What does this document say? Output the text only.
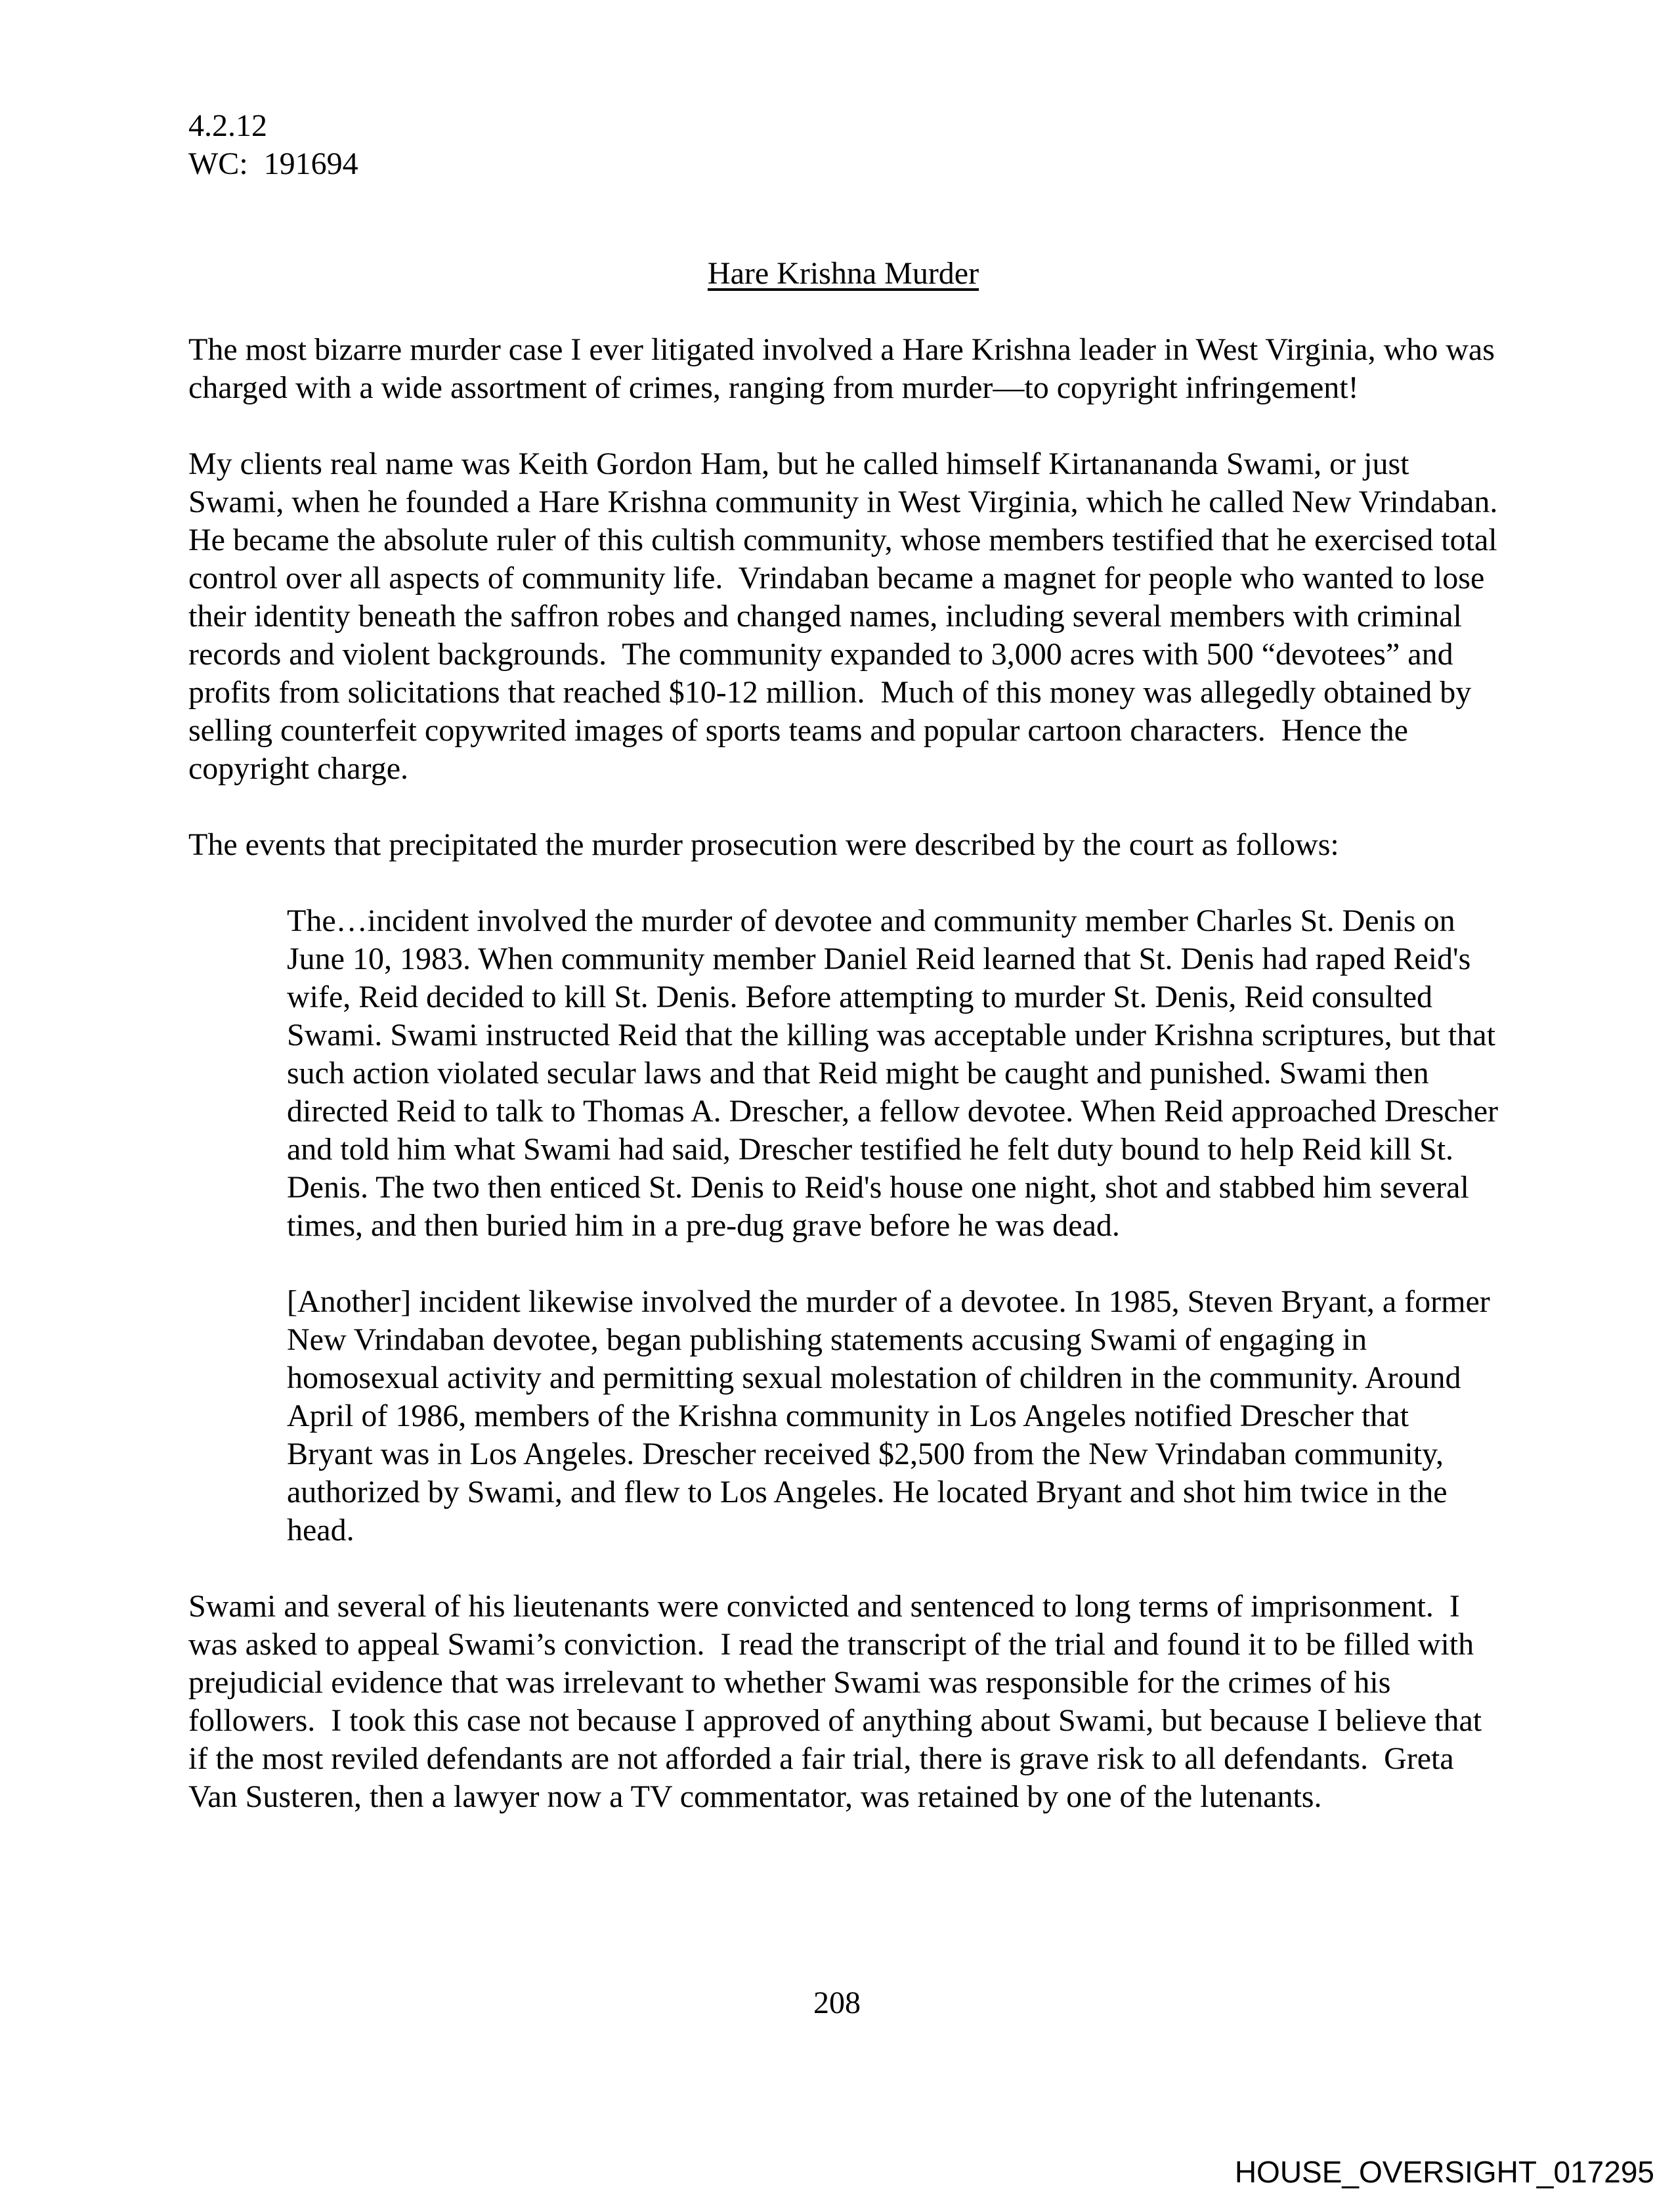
4.2.12
WC:  191694
Hare Krishna Murder

The most bizarre murder case I ever litigated involved a Hare Krishna leader in West Virginia, who was charged with a wide assortment of crimes, ranging from murder—to copyright infringement!

My clients real name was Keith Gordon Ham, but he called himself Kirtanananda Swami, or just Swami, when he founded a Hare Krishna community in West Virginia, which he called New Vrindaban.  He became the absolute ruler of this cultish community, whose members testified that he exercised total control over all aspects of community life.  Vrindaban became a magnet for people who wanted to lose their identity beneath the saffron robes and changed names, including several members with criminal records and violent backgrounds.  The community expanded to 3,000 acres with 500 “devotees” and profits from solicitations that reached $10-12 million.  Much of this money was allegedly obtained by selling counterfeit copywrited images of sports teams and popular cartoon characters.  Hence the copyright charge.

The events that precipitated the murder prosecution were described by the court as follows:

The…incident involved the murder of devotee and community member Charles St. Denis on June 10, 1983. When community member Daniel Reid learned that St. Denis had raped Reid's wife, Reid decided to kill St. Denis. Before attempting to murder St. Denis, Reid consulted Swami. Swami instructed Reid that the killing was acceptable under Krishna scriptures, but that such action violated secular laws and that Reid might be caught and punished. Swami then directed Reid to talk to Thomas A. Drescher, a fellow devotee. When Reid approached Drescher and told him what Swami had said, Drescher testified he felt duty bound to help Reid kill St. Denis. The two then enticed St. Denis to Reid's house one night, shot and stabbed him several times, and then buried him in a pre-dug grave before he was dead.
[Another] incident likewise involved the murder of a devotee. In 1985, Steven Bryant, a former New Vrindaban devotee, began publishing statements accusing Swami of engaging in homosexual activity and permitting sexual molestation of children in the community. Around April of 1986, members of the Krishna community in Los Angeles notified Drescher that Bryant was in Los Angeles. Drescher received $2,500 from the New Vrindaban community, authorized by Swami, and flew to Los Angeles. He located Bryant and shot him twice in the head.

Swami and several of his lieutenants were convicted and sentenced to long terms of imprisonment.  I was asked to appeal Swami’s conviction.  I read the transcript of the trial and found it to be filled with prejudicial evidence that was irrelevant to whether Swami was responsible for the crimes of his followers.  I took this case not because I approved of anything about Swami, but because I believe that if the most reviled defendants are not afforded a fair trial, there is grave risk to all defendants.  Greta Van Susteren, then a lawyer now a TV commentator, was retained by one of the lutenants.

208
HOUSE_OVERSIGHT_017295
